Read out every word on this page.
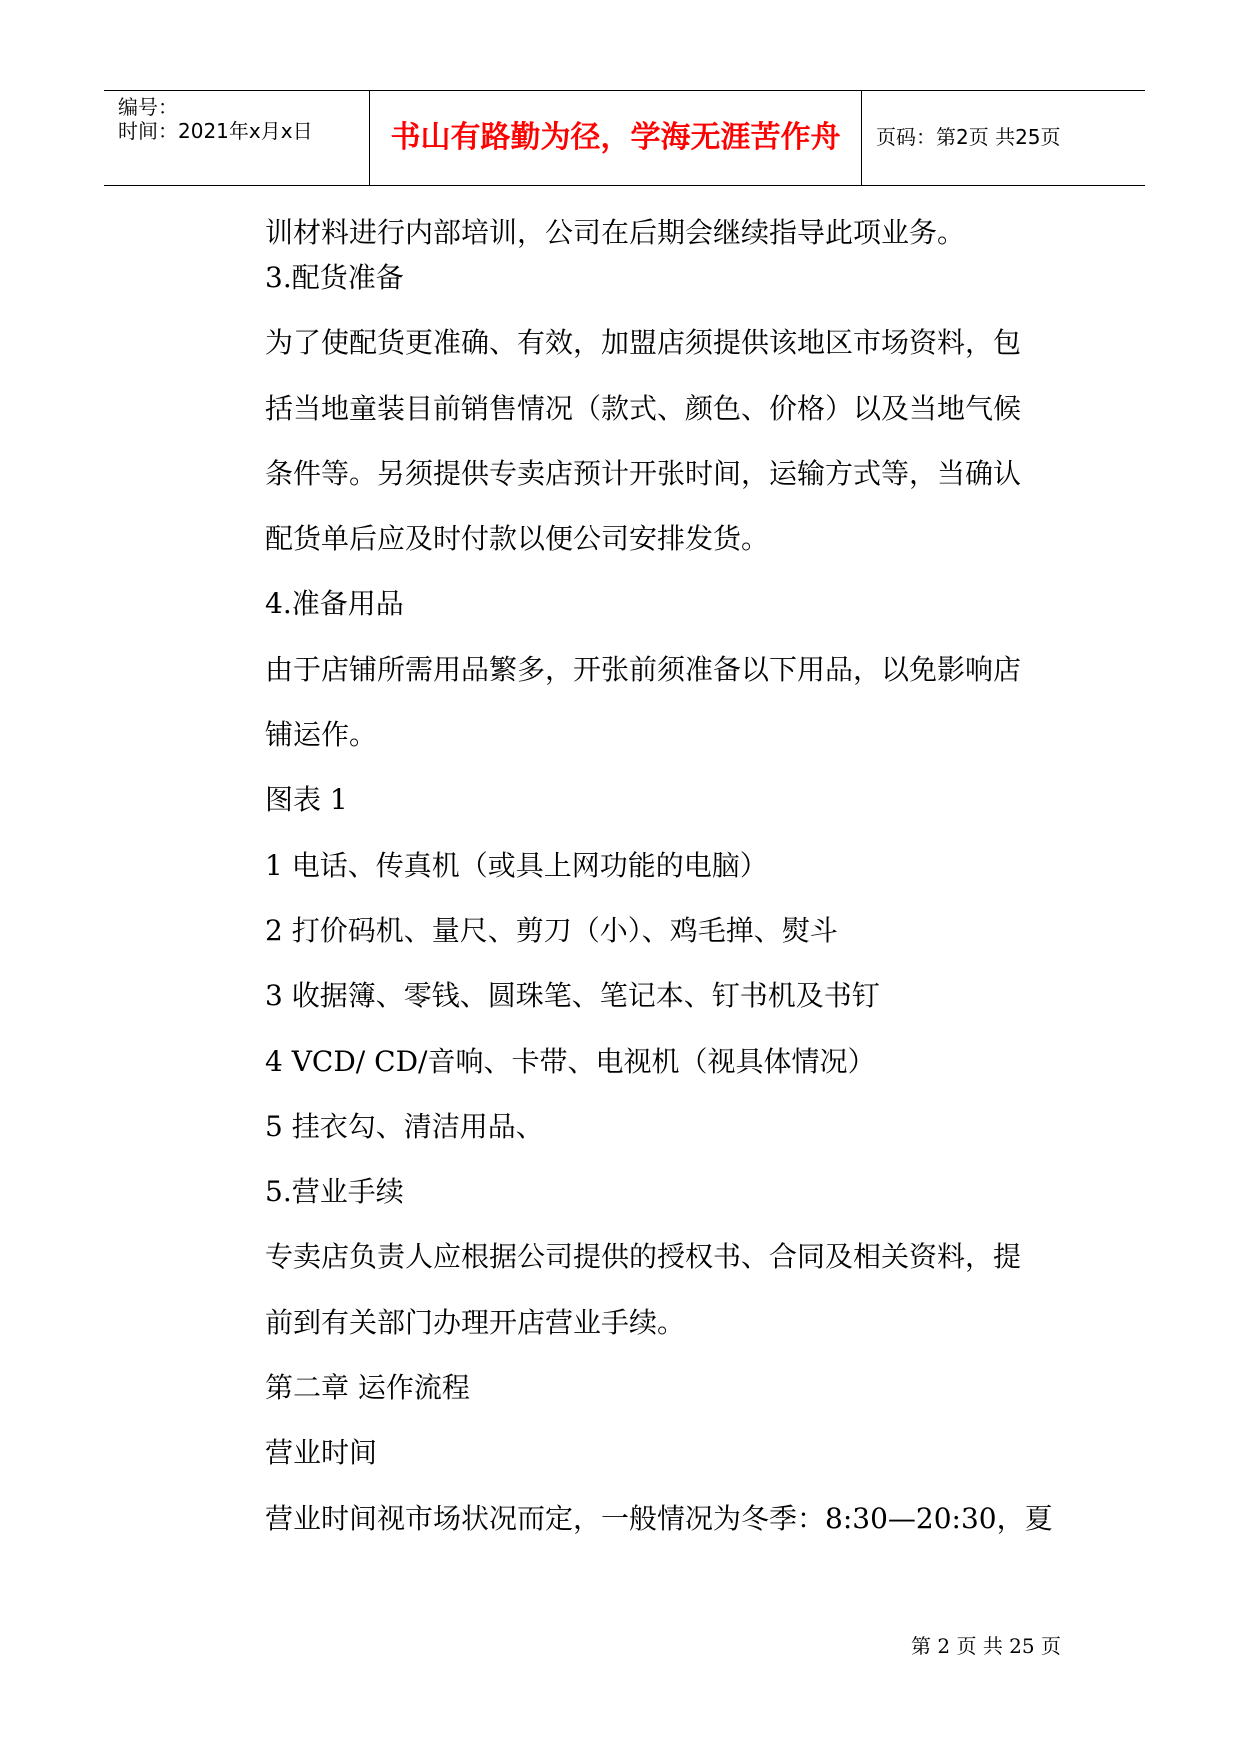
编号：
时间：2021年x月x日	书山有路勤为径，学海无涯苦作舟	页码：第2页 共25页
训材料进行内部培训，公司在后期会继续指导此项业务。
3.配货准备
为了使配货更准确、有效，加盟店须提供该地区市场资料，包
括当地童装目前销售情况（款式、颜色、价格）以及当地气候
条件等。另须提供专卖店预计开张时间，运输方式等，当确认
配货单后应及时付款以便公司安排发货。
4.准备用品
由于店铺所需用品繁多，开张前须准备以下用品，以免影响店
铺运作。
图表 1
1 电话、传真机（或具上网功能的电脑）
2 打价码机、量尺、剪刀（小）、鸡毛掸、熨斗
3 收据簿、零钱、圆珠笔、笔记本、钉书机及书钉
4 VCD/ CD/音响、卡带、电视机（视具体情况）
5 挂衣勾、清洁用品、
5.营业手续
专卖店负责人应根据公司提供的授权书、合同及相关资料，提
前到有关部门办理开店营业手续。
第二章 运作流程
营业时间
营业时间视市场状况而定，一般情况为冬季：8:30—20:30，夏
第 2 页 共 25 页
